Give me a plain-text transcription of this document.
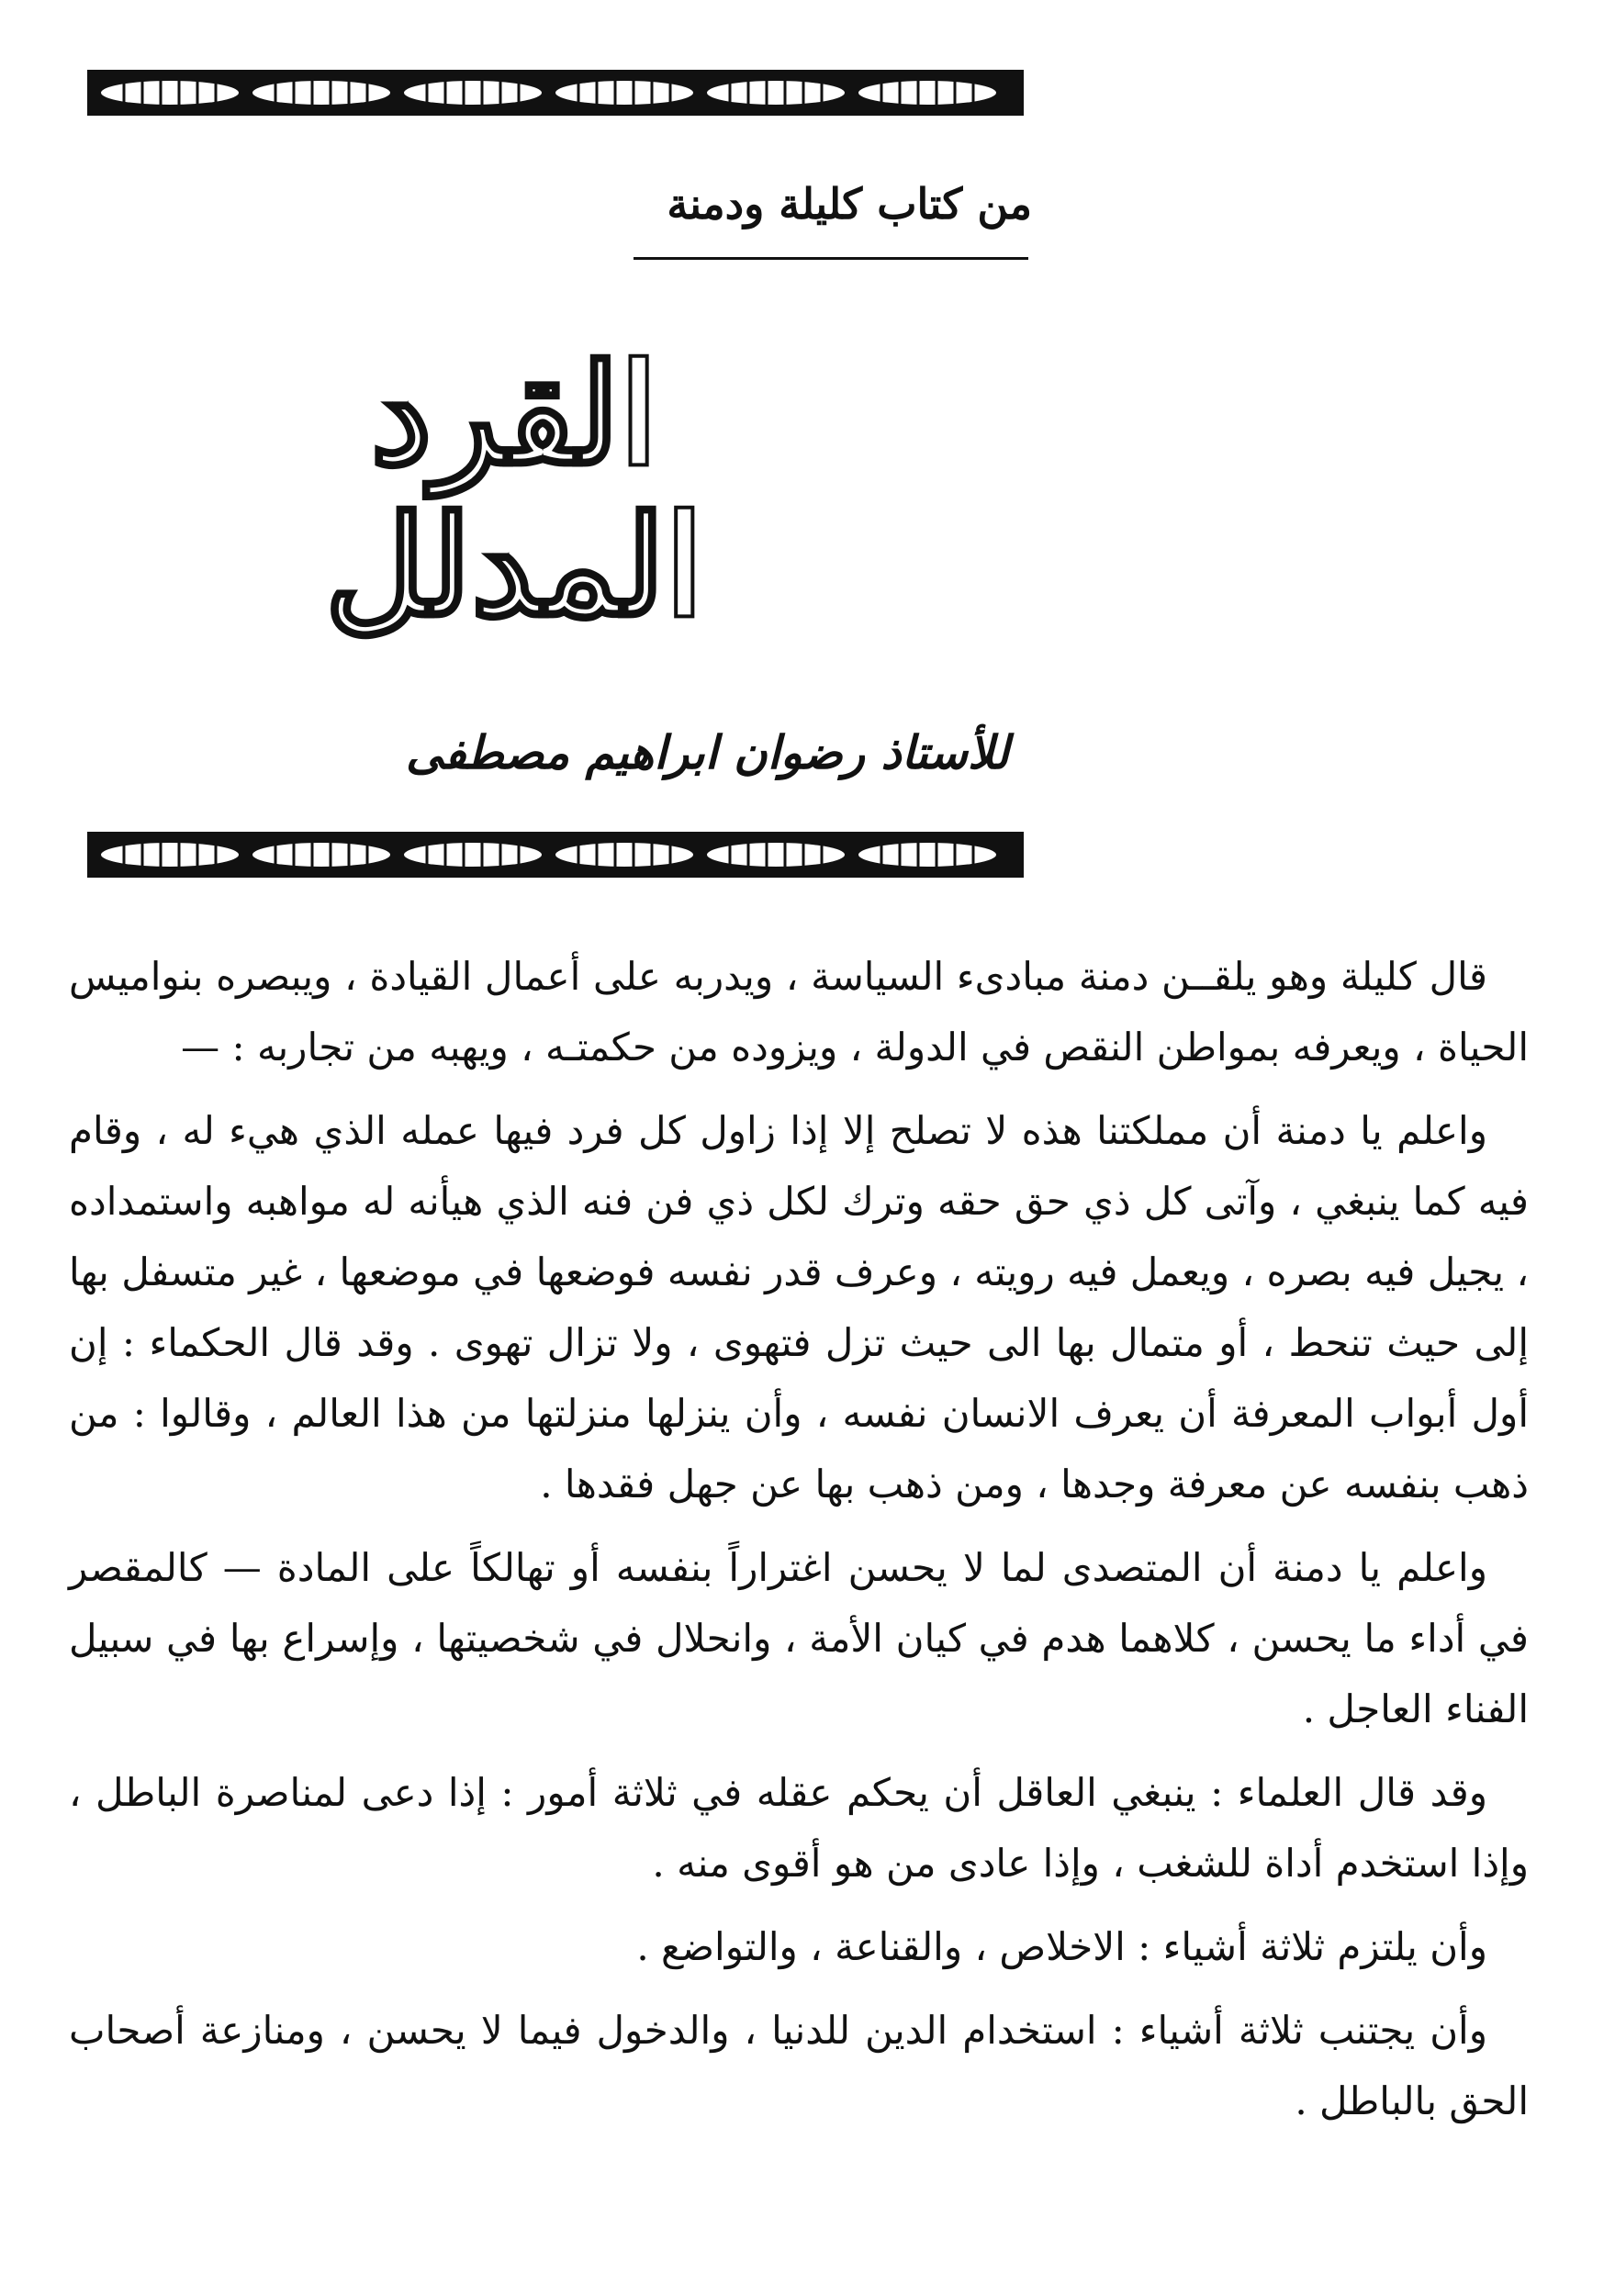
من كتاب كليلة ودمنة
القرد المدلل
للأستاذ رضوان ابراهيم مصطفى

قال كليلة وهو يلقــن دمنة مبادىء السياسة ، ويدربه على أعمال القيادة ، ويبصره بنواميس الحياة ، ويعرفه بمواطن النقص في الدولة ، ويزوده من حكمتـه ، ويهبه من تجاربه : —

واعلم يا دمنة أن مملكتنا هذه لا تصلح إلا إذا زاول كل فرد فيها عمله الذي هيء له ، وقام فيه كما ينبغي ، وآتى كل ذي حق حقه وترك لكل ذي فن فنه الذي هيأنه له مواهبه واستمداده ، يجيل فيه بصره ، ويعمل فيه رويته ، وعرف قدر نفسه فوضعها في موضعها ، غير متسفل بها إلى حيث تنحط ، أو متمال بها الى حيث تزل فتهوى ، ولا تزال تهوى . وقد قال الحكماء : إن أول أبواب المعرفة أن يعرف الانسان نفسه ، وأن ينزلها منزلتها من هذا العالم ، وقالوا : من ذهب بنفسه عن معرفة وجدها ، ومن ذهب بها عن جهل فقدها .

واعلم يا دمنة أن المتصدى لما لا يحسن اغتراراً بنفسه أو تهالكاً على المادة — كالمقصر في أداء ما يحسن ، كلاهما هدم في كيان الأمة ، وانحلال في شخصيتها ، وإسراع بها في سبيل الفناء العاجل .

وقد قال العلماء : ينبغي العاقل أن يحكم عقله في ثلاثة أمور : إذا دعى لمناصرة الباطل ، وإذا استخدم أداة للشغب ، وإذا عادى من هو أقوى منه .

وأن يلتزم ثلاثة أشياء : الاخلاص ، والقناعة ، والتواضع .

وأن يجتنب ثلاثة أشياء : استخدام الدين للدنيا ، والدخول فيما لا يحسن ، ومنازعة أصحاب الحق بالباطل .
